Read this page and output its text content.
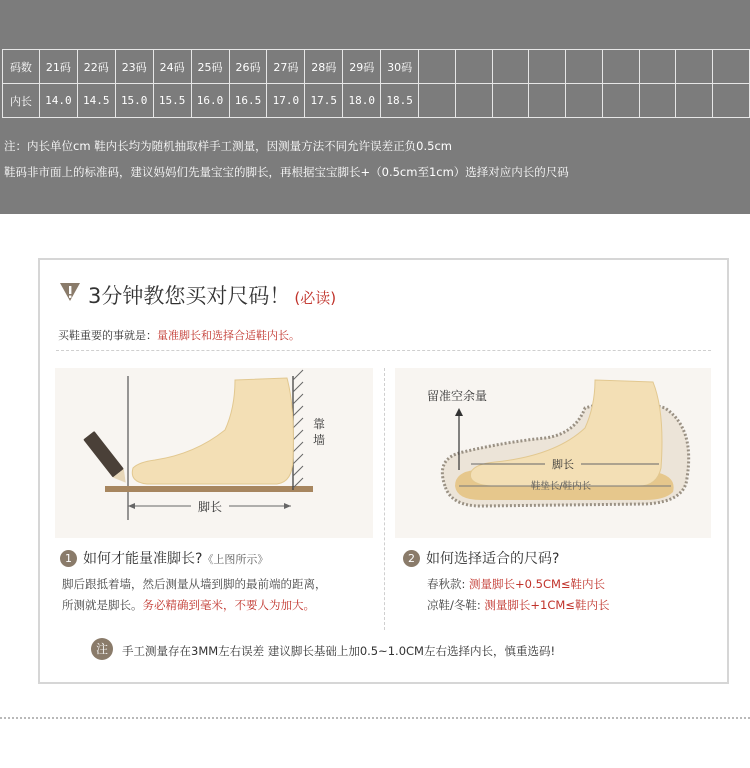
码数	21码	22码	23码	24码	25码	26码	27码	28码	29码	30码									
内长	14.0	14.5	15.0	15.5	16.0	16.5	17.0	17.5	18.0	18.5									
注：内长单位cm 鞋内长均为随机抽取样手工测量，因测量方法不同允许误差正负0.5cm
鞋码非市面上的标准码，建议妈妈们先量宝宝的脚长，再根据宝宝脚长+（0.5cm至1cm）选择对应内长的尺码
3分钟教您买对尺码！ (必读)
买鞋重要的事就是：量准脚长和选择合适鞋内长。
脚长
靠墙
留准空余量
脚长
鞋垫长/鞋内长
1 如何才能量准脚长?《上图所示》
脚后跟抵着墙，然后测量从墙到脚的最前端的距离，
所测就是脚长。务必精确到毫米，不要人为加大。
2 如何选择适合的尺码?
春秋款: 测量脚长+0.5CM≤鞋内长
凉鞋/冬鞋: 测量脚长+1CM≤鞋内长
注	手工测量存在3MM左右误差 建议脚长基础上加0.5~1.0CM左右选择内长，慎重选码!
